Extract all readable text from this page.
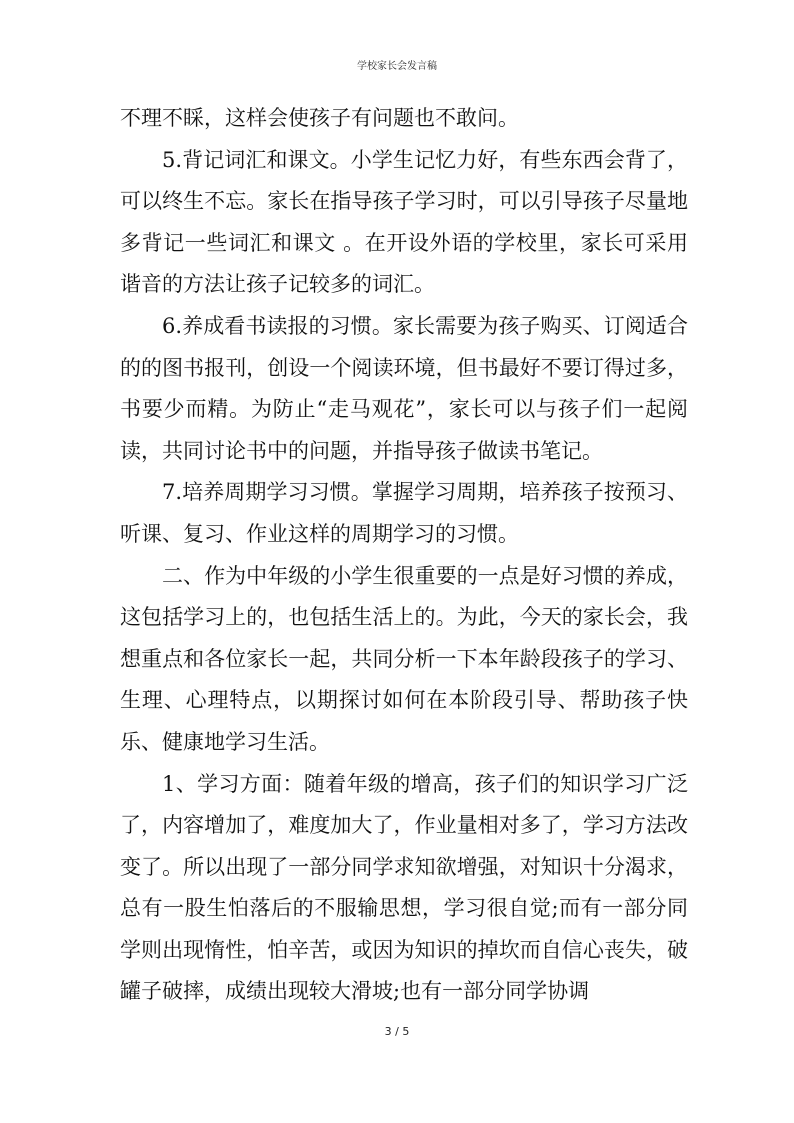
学校家长会发言稿

不理不睬，这样会使孩子有问题也不敢问。

5.背记词汇和课文。小学生记忆力好，有些东西会背了，可以终生不忘。家长在指导孩子学习时，可以引导孩子尽量地多背记一些词汇和课文 。在开设外语的学校里，家长可采用谐音的方法让孩子记较多的词汇。

6.养成看书读报的习惯。家长需要为孩子购买、订阅适合的的图书报刊，创设一个阅读环境，但书最好不要订得过多，书要少而精。为防止“走马观花”，家长可以与孩子们一起阅读，共同讨论书中的问题，并指导孩子做读书笔记。

7.培养周期学习习惯。掌握学习周期，培养孩子按预习、听课、复习、作业这样的周期学习的习惯。

二、作为中年级的小学生很重要的一点是好习惯的养成，这包括学习上的，也包括生活上的。为此，今天的家长会，我想重点和各位家长一起，共同分析一下本年龄段孩子的学习、生理、心理特点，以期探讨如何在本阶段引导、帮助孩子快乐、健康地学习生活。

1、学习方面：随着年级的增高，孩子们的知识学习广泛了，内容增加了，难度加大了，作业量相对多了，学习方法改变了。所以出现了一部分同学求知欲增强，对知识十分渴求，总有一股生怕落后的不服输思想，学习很自觉;而有一部分同学则出现惰性，怕辛苦，或因为知识的掉坎而自信心丧失，破罐子破摔，成绩出现较大滑坡;也有一部分同学协调

3 / 5
